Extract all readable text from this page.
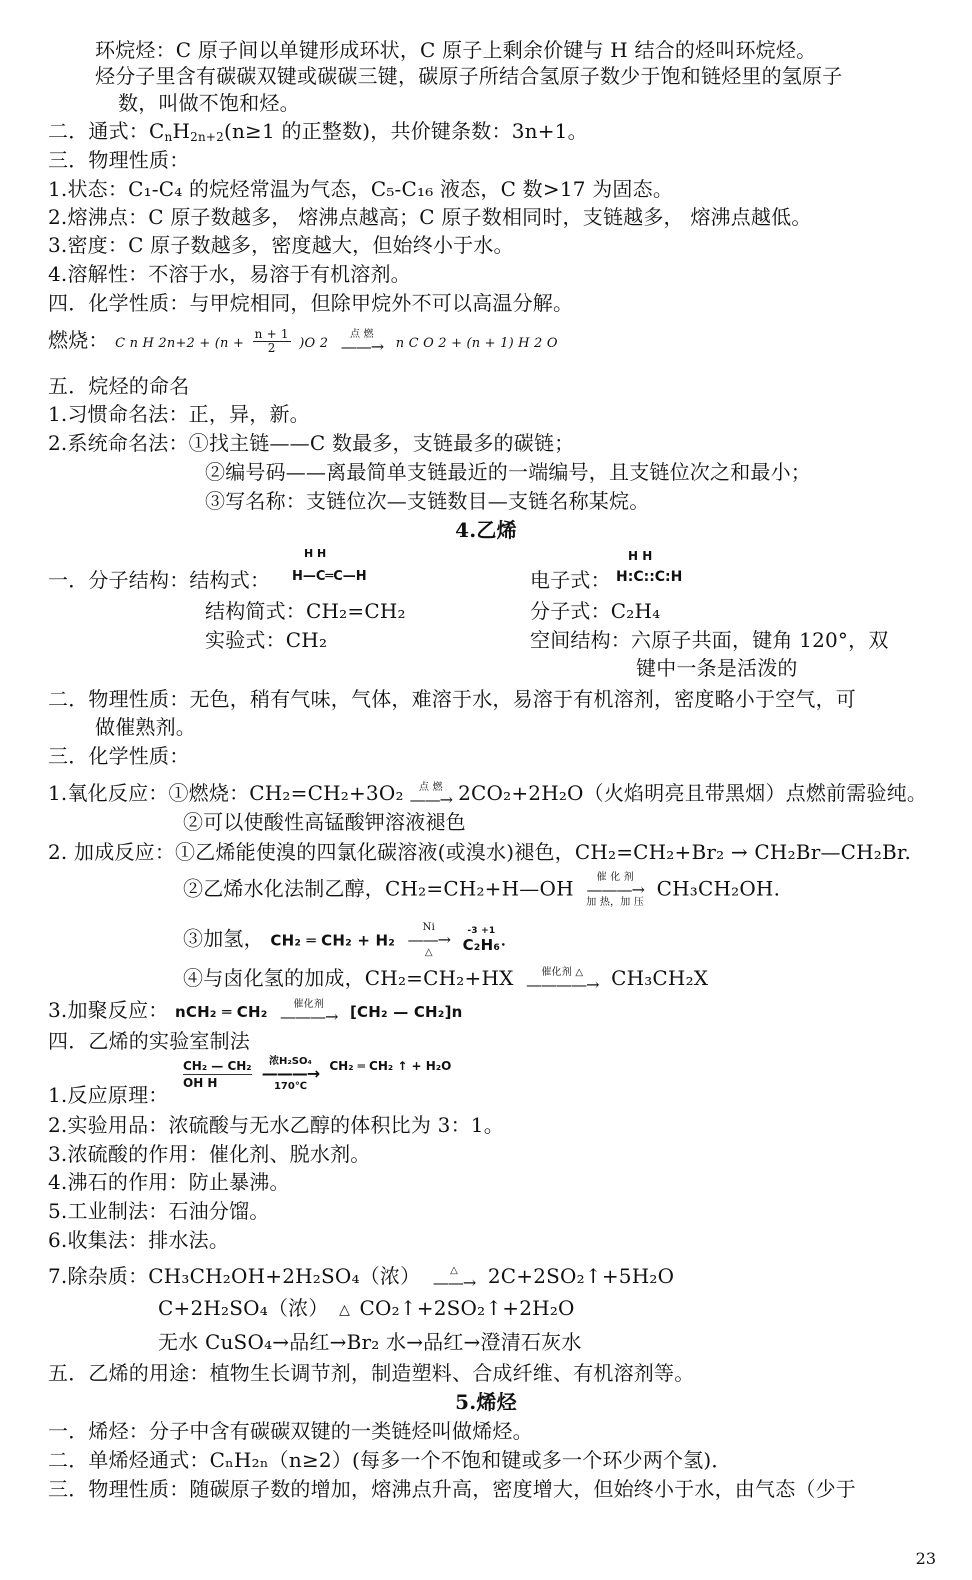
环烷烃：C 原子间以单键形成环状，C 原子上剩余价键与 H 结合的烃叫环烷烃。
烃分子里含有碳碳双键或碳碳三键，碳原子所结合氢原子数少于饱和链烃里的氢原子
数，叫做不饱和烃。
二．通式：$C_nH_{2n+2}(n\ge 1$ 的正整数)，共价键条数：3n+1。
三．物理性质：
1.状态：C₁-C₄ 的烷烃常温为气态，C₅-C₁₆ 液态，C 数>17 为固态。
2.熔沸点：C 原子数越多， 熔沸点越高；C 原子数相同时，支链越多， 熔沸点越低。
3.密度：C 原子数越多，密度越大，但始终小于水。
4.溶解性：不溶于水，易溶于有机溶剂。
四．化学性质：与甲烷相同，但除甲烷外不可以高温分解。
燃烧： C n H $2n+2 + (n + \frac{n + 1}{2} )O$ 2
点 燃
——→ n C O 2 + (n + 1) H 2 O
五．烷烃的命名
1.习惯命名法：正，异，新。
2.系统命名法：①找主链——C 数最多，支链最多的碳链；
②编号码——离最简单支链最近的一端编号，且支链位次之和最小；
③写名称：支链位次—支链数目—支链名称某烷。
4.乙烯
一．分子结构：结构式：
H H
H—C═C—H	电子式：
H H
H:C::C:H
结构简式：CH₂=CH₂	分子式：C₂H₄
实验式：CH₂	空间结构：六原子共面，键角 120°，双
键中一条是活泼的
二．物理性质：无色，稍有气味，气体，难溶于水，易溶于有机溶剂，密度略小于空气，可
做催熟剂。
三．化学性质：
1.氧化反应：①燃烧：CH₂=CH₂+3O₂	点 燃
——→ 2CO₂+2H₂O（火焰明亮且带黑烟）点燃前需验纯。
②可以使酸性高锰酸钾溶液褪色
2. 加成反应：①乙烯能使溴的四氯化碳溶液(或溴水)褪色，CH₂=CH₂+Br₂ → CH₂Br—CH₂Br.
②乙烯水化法制乙醇，CH₂=CH₂+H—OH	催 化 剂
———→
加 热，加 压
CH₃CH₂OH.
③加氢， CH₂ ═ CH₂ + H₂
Ni
——→
△

-3 +1
C₂H₆ .
④与卤化氢的加成，CH₂=CH₂+HX	催化剂 △
————→ CH₃CH₂X
3.加聚反应： nCH₂ ═ CH₂	催化剂
———→ [CH₂ — CH₂]n
四．乙烯的实验室制法
1.反应原理：
$\frac{\text{CH₂ — CH₂}}{\text{OH H}}$
	浓H₂SO₄
———→
170℃
CH₂ ═ CH₂ ↑ + H₂O
2.实验用品：浓硫酸与无水乙醇的体积比为 3：1。
3.浓硫酸的作用：催化剂、脱水剂。
4.沸石的作用：防止暴沸。
5.工业制法：石油分馏。
6.收集法：排水法。
7.除杂质：CH₃CH₂OH+2H₂SO₄（浓）	△
——→ 2C+2SO₂↑+5H₂O
C+2H₂SO₄（浓） △ CO₂↑+2SO₂↑+2H₂O
无水 CuSO₄→品红→Br₂ 水→品红→澄清石灰水
五．乙烯的用途：植物生长调节剂，制造塑料、合成纤维、有机溶剂等。
5.烯烃
一．烯烃：分子中含有碳碳双键的一类链烃叫做烯烃。
二．单烯烃通式：CₙH₂ₙ（n≥2）(每多一个不饱和键或多一个环少两个氢)．
三．物理性质：随碳原子数的增加，熔沸点升高，密度增大，但始终小于水，由气态（少于
23
